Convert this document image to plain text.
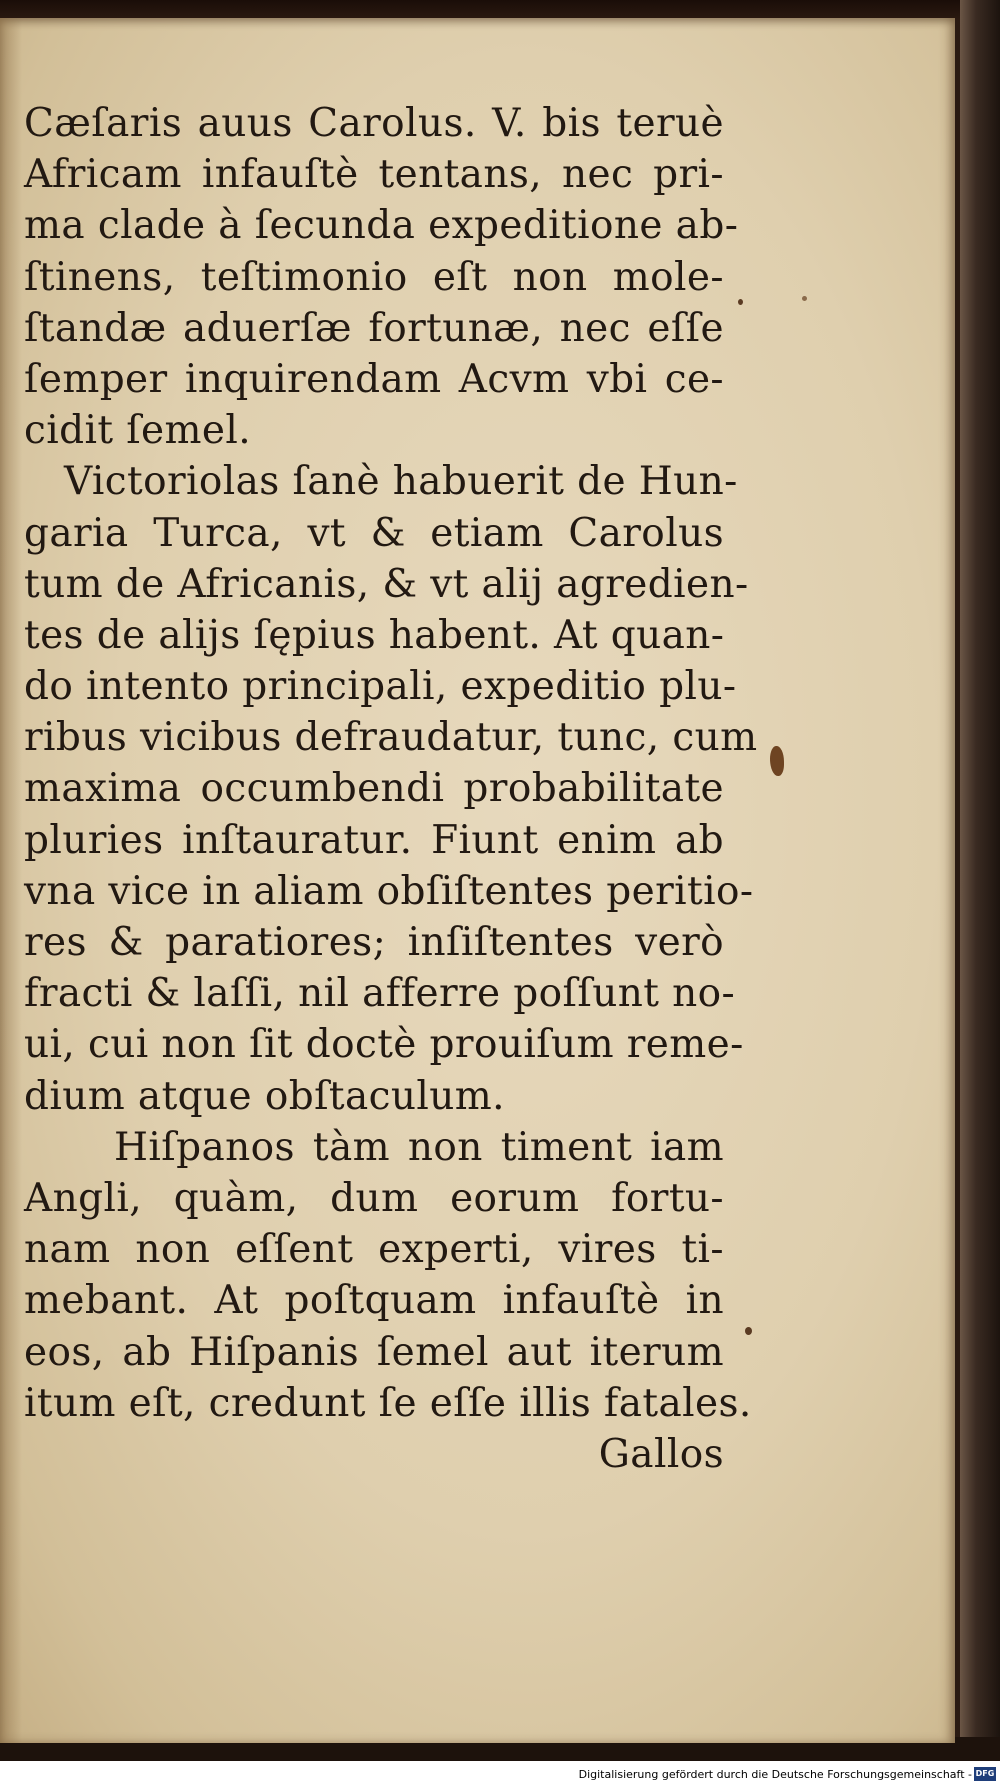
Cæſaris auus Carolus. V. bis teruè
Africam infauſtè tentans, nec pri-
ma clade à ſecunda expeditione ab-
ſtinens, teſtimonio eſt non mole-
ſtandæ aduerſæ fortunæ, nec eſſe
ſemper inquirendam Acvm vbi ce-
cidit ſemel.
Victoriolas ſanè habuerit de Hun-
garia Turca, vt & etiam Carolus
tum de Africanis, & vt alij agredien-
tes de alijs ſępius habent. At quan-
do intento principali, expeditio plu-
ribus vicibus defraudatur, tunc, cum
maxima occumbendi probabilitate
pluries inſtauratur. Fiunt enim ab
vna vice in aliam obſiſtentes peritio-
res & paratiores; inſiſtentes verò
fracti & laſſi, nil afferre poſſunt no-
ui, cui non ſit doctè prouiſum reme-
dium atque obſtaculum.
Hiſpanos tàm non timent iam
Angli, quàm, dum eorum fortu-
nam non eſſent experti, vires ti-
mebant. At poſtquam infauſtè in
eos, ab Hiſpanis ſemel aut iterum
itum eſt, credunt ſe eſſe illis fatales.
Gallos
Digitalisierung gefördert durch die Deutsche Forschungsgemeinschaft - DFG
